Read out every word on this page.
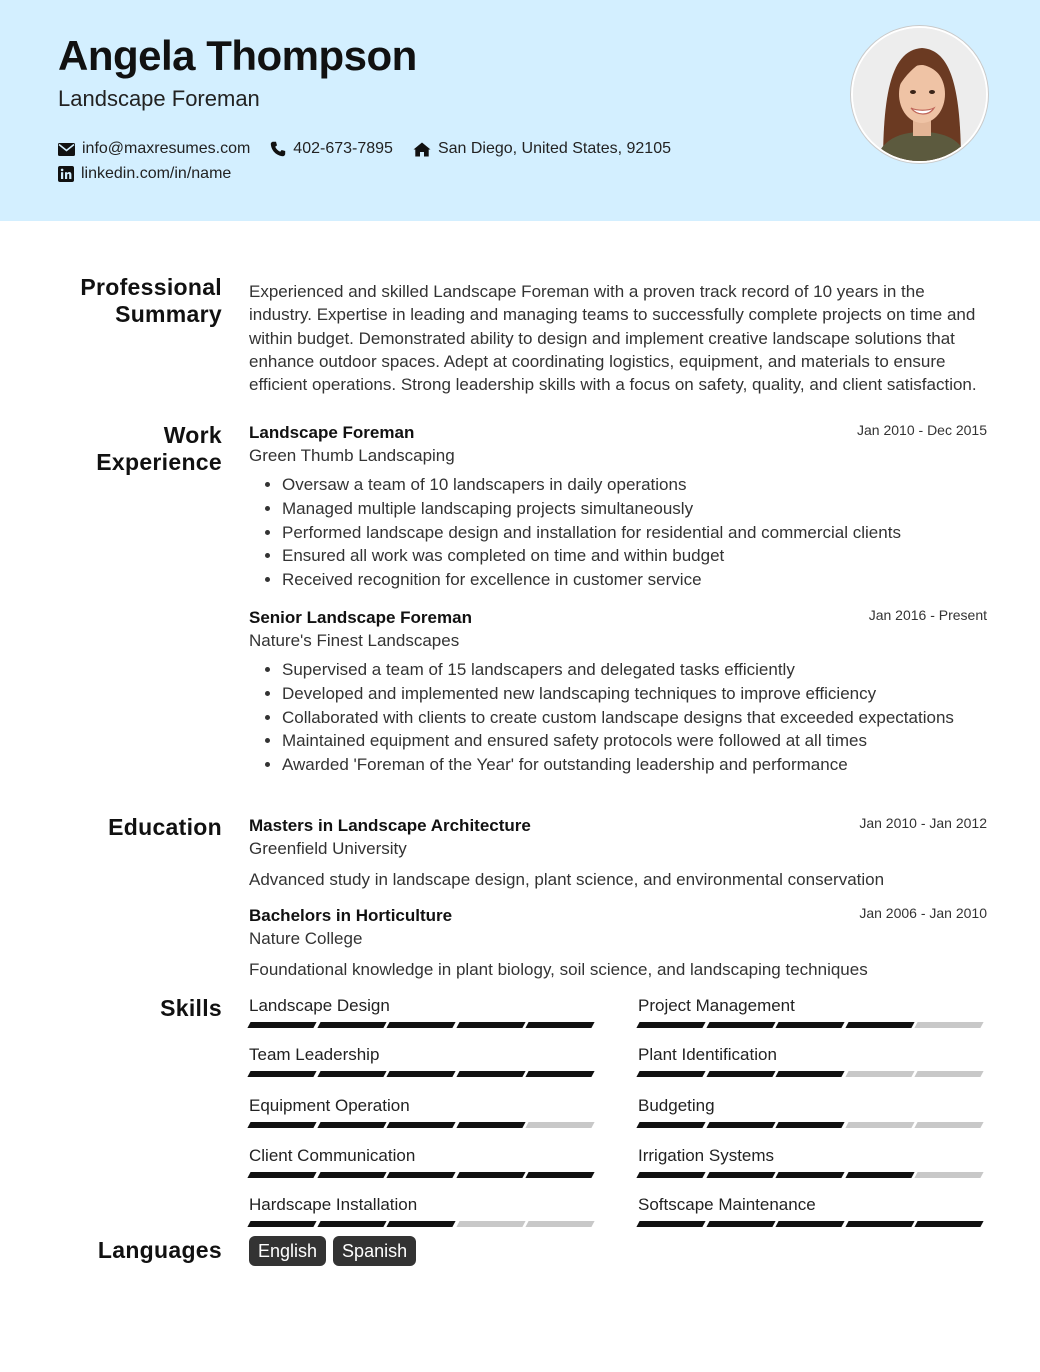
Angela Thompson
Landscape Foreman
info@maxresumes.com	402-673-7895	San Diego, United States, 92105
linkedin.com/in/name
Professional
Summary
Work
Experience
Education
Skills
Languages

Experienced and skilled Landscape Foreman with a proven track record of 10 years in the industry. Expertise in leading and managing teams to successfully complete projects on time and within budget. Demonstrated ability to design and implement creative landscape solutions that enhance outdoor spaces. Adept at coordinating logistics, equipment, and materials to ensure efficient operations. Strong leadership skills with a focus on safety, quality, and client satisfaction.

Landscape Foreman
Green Thumb Landscaping
Jan 2010 - Dec 2015
• Oversaw a team of 10 landscapers in daily operations
• Managed multiple landscaping projects simultaneously
• Performed landscape design and installation for residential and commercial clients
• Ensured all work was completed on time and within budget
• Received recognition for excellence in customer service
Senior Landscape Foreman
Nature's Finest Landscapes
Jan 2016 - Present
• Supervised a team of 15 landscapers and delegated tasks efficiently
• Developed and implemented new landscaping techniques to improve efficiency
• Collaborated with clients to create custom landscape designs that exceeded expectations
• Maintained equipment and ensured safety protocols were followed at all times
• Awarded 'Foreman of the Year' for outstanding leadership and performance
Masters in Landscape Architecture
Greenfield University
Jan 2010 - Jan 2012
Advanced study in landscape design, plant science, and environmental conservation
Bachelors in Horticulture
Nature College
Jan 2006 - Jan 2010
Foundational knowledge in plant biology, soil science, and landscaping techniques
Landscape Design	Project Management
Team Leadership	Plant Identification
Equipment Operation	Budgeting
Client Communication	Irrigation Systems
Hardscape Installation	Softscape Maintenance
English	Spanish
